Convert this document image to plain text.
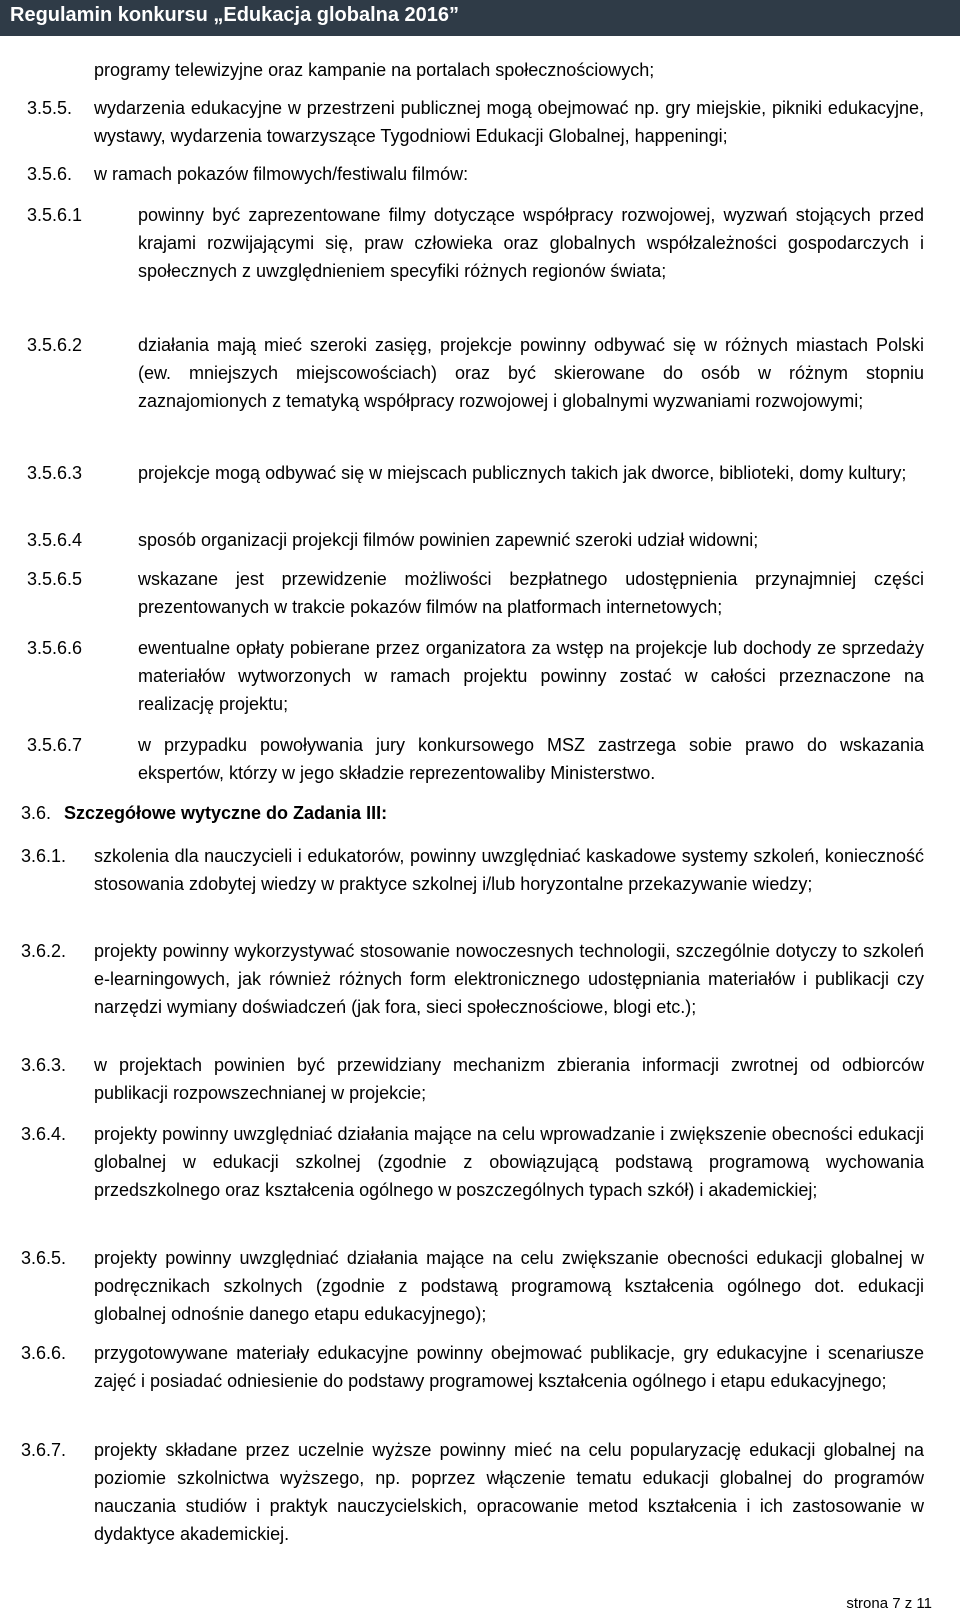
Regulamin konkursu „Edukacja globalna 2016”
programy telewizyjne oraz kampanie na portalach społecznościowych;
3.5.5. wydarzenia edukacyjne w przestrzeni publicznej mogą obejmować np. gry miejskie, pikniki edukacyjne, wystawy, wydarzenia towarzyszące Tygodniowi Edukacji Globalnej, happeningi;
3.5.6. w ramach pokazów filmowych/festiwalu filmów:
3.5.6.1	powinny być zaprezentowane filmy dotyczące współpracy rozwojowej, wyzwań stojących przed krajami rozwijającymi się, praw człowieka oraz globalnych współzależności gospodarczych i społecznych z uwzględnieniem specyfiki różnych regionów świata;
3.5.6.2	działania mają mieć szeroki zasięg, projekcje powinny odbywać się w różnych miastach Polski (ew. mniejszych miejscowościach) oraz być skierowane do osób w różnym stopniu zaznajomionych z tematyką współpracy rozwojowej i globalnymi wyzwaniami rozwojowymi;
3.5.6.3	projekcje mogą odbywać się w miejscach publicznych takich jak dworce, biblioteki, domy kultury;
3.5.6.4	sposób organizacji projekcji filmów powinien zapewnić szeroki udział widowni;
3.5.6.5	wskazane jest przewidzenie możliwości bezpłatnego udostępnienia przynajmniej części prezentowanych w trakcie pokazów filmów na platformach internetowych;
3.5.6.6	ewentualne opłaty pobierane przez organizatora za wstęp na projekcje lub dochody ze sprzedaży materiałów wytworzonych w ramach projektu powinny zostać w całości przeznaczone na realizację projektu;
3.5.6.7	w przypadku powoływania jury konkursowego MSZ zastrzega sobie prawo do wskazania ekspertów, którzy w jego składzie reprezentowaliby Ministerstwo.
3.6. Szczegółowe wytyczne do Zadania III:
3.6.1. szkolenia dla nauczycieli i edukatorów, powinny uwzględniać kaskadowe systemy szkoleń, konieczność stosowania zdobytej wiedzy w praktyce szkolnej i/lub horyzontalne przekazywanie wiedzy;
3.6.2. projekty powinny wykorzystywać stosowanie nowoczesnych technologii, szczególnie dotyczy to szkoleń e-learningowych, jak również różnych form elektronicznego udostępniania materiałów i publikacji czy narzędzi wymiany doświadczeń (jak fora, sieci społecznościowe, blogi etc.);
3.6.3. w projektach powinien być przewidziany mechanizm zbierania informacji zwrotnej od odbiorców publikacji rozpowszechnianej w projekcie;
3.6.4. projekty powinny uwzględniać działania mające na celu wprowadzanie i zwiększenie obecności edukacji globalnej w edukacji szkolnej (zgodnie z obowiązującą podstawą programową wychowania przedszkolnego oraz kształcenia ogólnego w poszczególnych typach szkół) i akademickiej;
3.6.5. projekty powinny uwzględniać działania mające na celu zwiększanie obecności edukacji globalnej w podręcznikach szkolnych (zgodnie z podstawą programową kształcenia ogólnego dot. edukacji globalnej odnośnie danego etapu edukacyjnego);
3.6.6. przygotowywane materiały edukacyjne powinny obejmować publikacje, gry edukacyjne i scenariusze zajęć i posiadać odniesienie do podstawy programowej kształcenia ogólnego i etapu edukacyjnego;
3.6.7. projekty składane przez uczelnie wyższe powinny mieć na celu popularyzację edukacji globalnej na poziomie szkolnictwa wyższego, np. poprzez włączenie tematu edukacji globalnej do programów nauczania studiów i praktyk nauczycielskich, opracowanie metod kształcenia i ich zastosowanie w dydaktyce akademickiej.
strona 7 z 11
